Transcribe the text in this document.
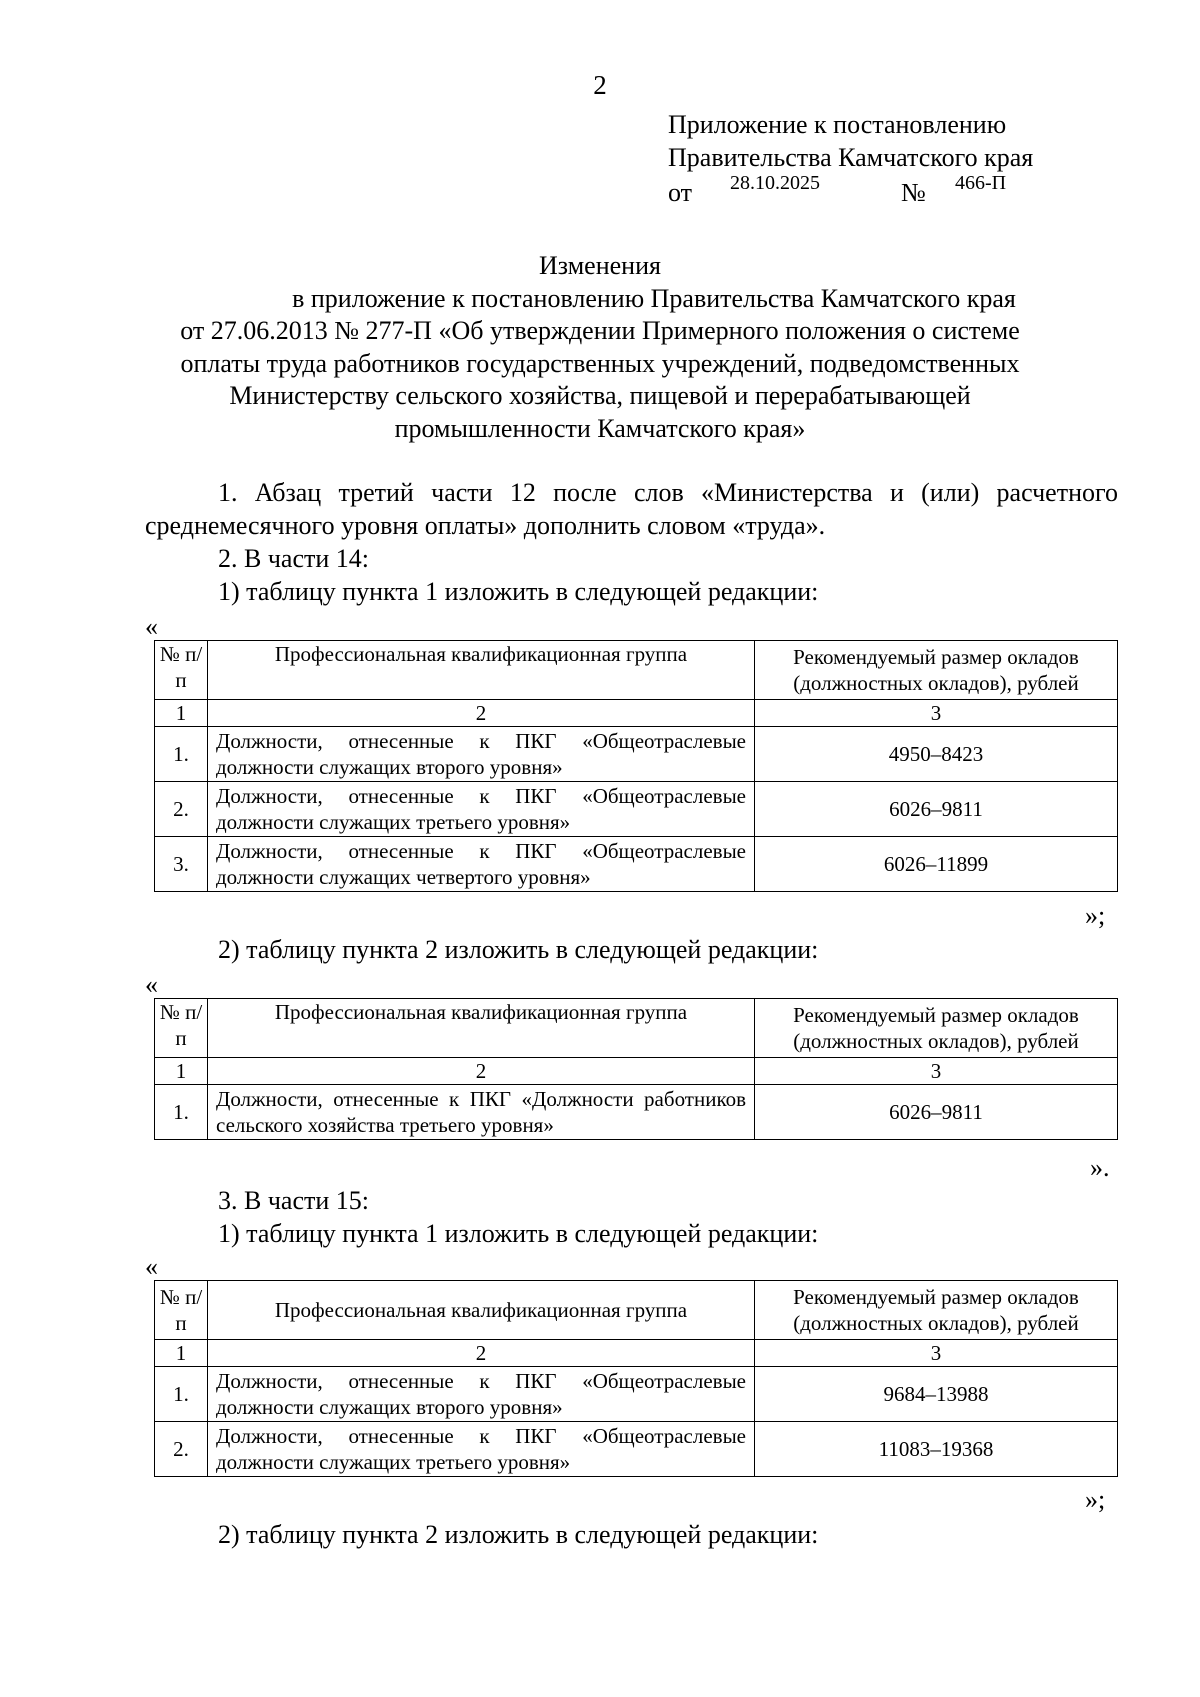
2
Приложение к постановлению
Правительства Камчатского края
от 28.10.2025	№ 466-П
Изменения
в приложение к постановлению Правительства Камчатского края
от 27.06.2013 № 277-П «Об утверждении Примерного положения о системе
оплаты труда работников государственных учреждений, подведомственных
Министерству сельского хозяйства, пищевой и перерабатывающей
промышленности Камчатского края»
1. Абзац третий части 12 после слов «Министерства и (или) расчетного
среднемесячного уровня оплаты» дополнить словом «труда».
2. В части 14:
1) таблицу пункта 1 изложить в следующей редакции:
«
№ п/п	Профессиональная квалификационная группа	Рекомендуемый размер окладов (должностных окладов), рублей
1	2	3
1.	Должности, отнесенные к ПКГ «Общеотраслевые должности служащих второго уровня»	4950–8423
2.	Должности, отнесенные к ПКГ «Общеотраслевые должности служащих третьего уровня»	6026–9811
3.	Должности, отнесенные к ПКГ «Общеотраслевые должности служащих четвертого уровня»	6026–11899
»;
2) таблицу пункта 2 изложить в следующей редакции:
«
№ п/п	Профессиональная квалификационная группа	Рекомендуемый размер окладов (должностных окладов), рублей
1	2	3
1.	Должности, отнесенные к ПКГ «Должности работников сельского хозяйства третьего уровня»	6026–9811
».
3. В части 15:
1) таблицу пункта 1 изложить в следующей редакции:
«
№ п/п	Профессиональная квалификационная группа	Рекомендуемый размер окладов (должностных окладов), рублей
1	2	3
1.	Должности, отнесенные к ПКГ «Общеотраслевые должности служащих второго уровня»	9684–13988
2.	Должности, отнесенные к ПКГ «Общеотраслевые должности служащих третьего уровня»	11083–19368
»;
2) таблицу пункта 2 изложить в следующей редакции:
